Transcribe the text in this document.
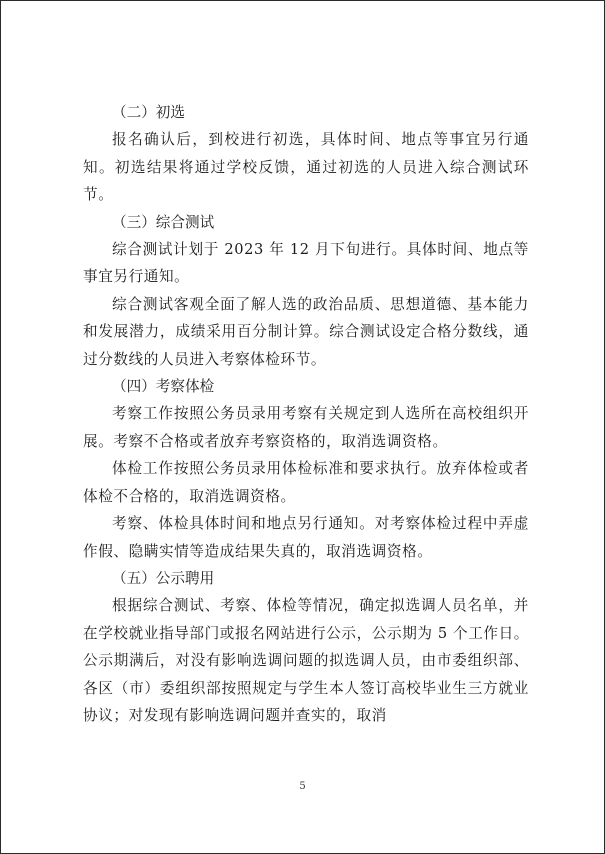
（二）初选

报名确认后，到校进行初选，具体时间、地点等事宜另行通知。初选结果将通过学校反馈，通过初选的人员进入综合测试环节。

（三）综合测试

综合测试计划于 2023 年 12 月下旬进行。具体时间、地点等事宜另行通知。

综合测试客观全面了解人选的政治品质、思想道德、基本能力和发展潜力，成绩采用百分制计算。综合测试设定合格分数线，通过分数线的人员进入考察体检环节。

（四）考察体检

考察工作按照公务员录用考察有关规定到人选所在高校组织开展。考察不合格或者放弃考察资格的，取消选调资格。

体检工作按照公务员录用体检标准和要求执行。放弃体检或者体检不合格的，取消选调资格。

考察、体检具体时间和地点另行通知。对考察体检过程中弄虚作假、隐瞒实情等造成结果失真的，取消选调资格。

（五）公示聘用

根据综合测试、考察、体检等情况，确定拟选调人员名单，并在学校就业指导部门或报名网站进行公示，公示期为 5 个工作日。公示期满后，对没有影响选调问题的拟选调人员，由市委组织部、各区（市）委组织部按照规定与学生本人签订高校毕业生三方就业协议；对发现有影响选调问题并查实的，取消

5
